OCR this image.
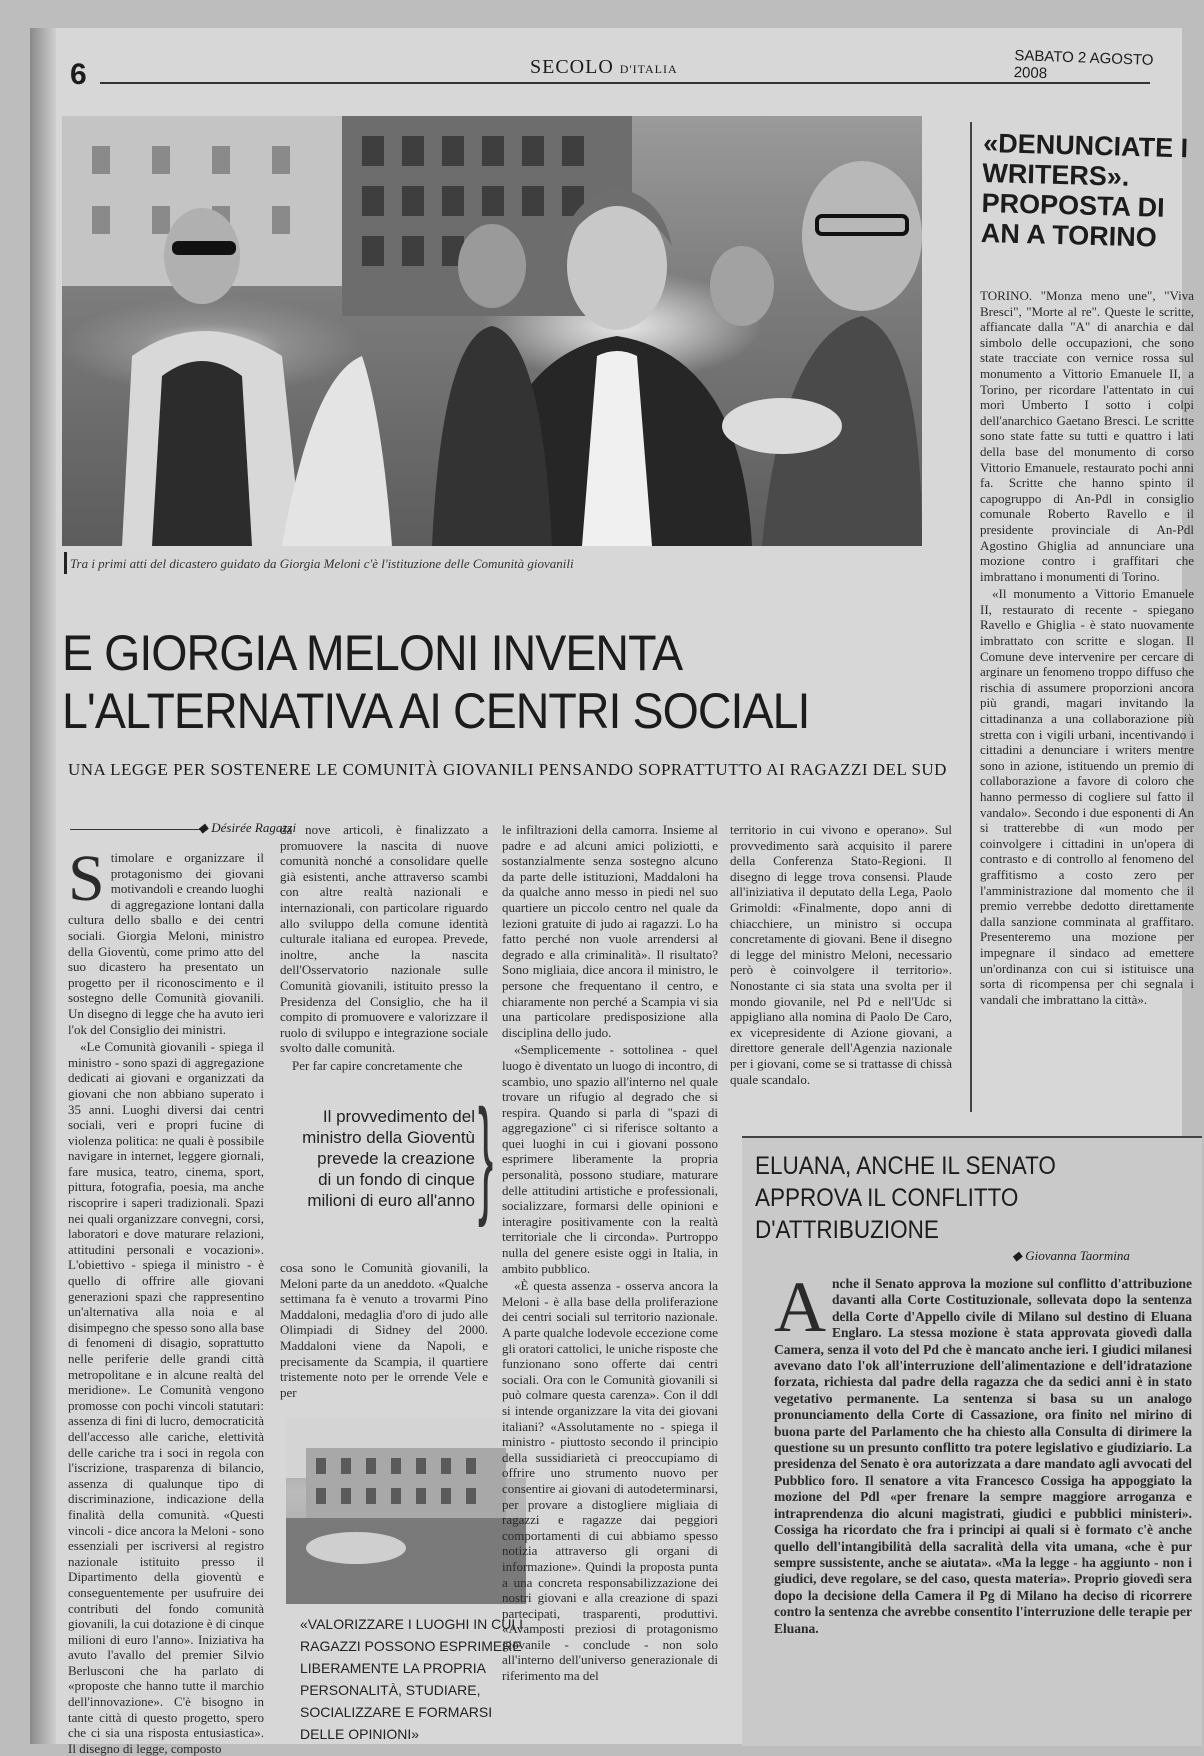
6	SECOLO D'ITALIA
SABATO 2 AGOSTO 2008
Tra i primi atti del dicastero guidato da Giorgia Meloni c'è l'istituzione delle Comunità giovanili
E GIORGIA MELONI INVENTA
L'ALTERNATIVA AI CENTRI SOCIALI
UNA LEGGE PER SOSTENERE LE COMUNITÀ GIOVANILI PENSANDO SOPRATTUTTO AI RAGAZZI DEL SUD
◆ Désirée Ragazzi
S timolare e organizzare il protagonismo dei giovani motivandoli e creando luoghi di aggregazione lontani dalla cultura dello sballo e dei centri sociali. Giorgia Meloni, ministro della Gioventù, come primo atto del suo dicastero ha presentato un progetto per il riconoscimento e il sostegno delle Comunità giovanili. Un disegno di legge che ha avuto ieri l'ok del Consiglio dei ministri.

«Le Comunità giovanili - spiega il ministro - sono spazi di aggregazione dedicati ai giovani e organizzati da giovani che non abbiano superato i 35 anni. Luoghi diversi dai centri sociali, veri e propri fucine di violenza politica: ne quali è possibile navigare in internet, leggere giornali, fare musica, teatro, cinema, sport, pittura, fotografia, poesia, ma anche riscoprire i saperi tradizionali. Spazi nei quali organizzare convegni, corsi, laboratori e dove maturare relazioni, attitudini personali e vocazioni». L'obiettivo - spiega il ministro - è quello di offrire alle giovani generazioni spazi che rappresentino un'alternativa alla noia e al disimpegno che spesso sono alla base di fenomeni di disagio, soprattutto nelle periferie delle grandi città metropolitane e in alcune realtà del meridione». Le Comunità vengono promosse con pochi vincoli statutari: assenza di fini di lucro, democraticità dell'accesso alle cariche, elettività delle cariche tra i soci in regola con l'iscrizione, trasparenza di bilancio, assenza di qualunque tipo di discriminazione, indicazione della finalità della comunità. «Questi vincoli - dice ancora la Meloni - sono essenziali per iscriversi al registro nazionale istituito presso il Dipartimento della gioventù e conseguentemente per usufruire dei contributi del fondo comunità giovanili, la cui dotazione è di cinque milioni di euro l'anno». Iniziativa ha avuto l'avallo del premier Silvio Berlusconi che ha parlato di «proposte che hanno tutte il marchio dell'innovazione». C'è bisogno in tante città di questo progetto, spero che ci sia una risposta entusiastica». Il disegno di legge, composto

da nove articoli, è finalizzato a promuovere la nascita di nuove comunità nonché a consolidare quelle già esistenti, anche attraverso scambi con altre realtà nazionali e internazionali, con particolare riguardo allo sviluppo della comune identità culturale italiana ed europea. Prevede, inoltre, anche la nascita dell'Osservatorio nazionale sulle Comunità giovanili, istituito presso la Presidenza del Consiglio, che ha il compito di promuovere e valorizzare il ruolo di sviluppo e integrazione sociale svolto dalle comunità.

Per far capire concretamente che

Il provvedimento del ministro della Gioventù prevede la creazione di un fondo di cinque milioni di euro all'anno }

cosa sono le Comunità giovanili, la Meloni parte da un aneddoto. «Qualche settimana fa è venuto a trovarmi Pino Maddaloni, medaglia d'oro di judo alle Olimpiadi di Sidney del 2000. Maddaloni viene da Napoli, e precisamente da Scampia, il quartiere tristemente noto per le orrende Vele e per

«VALORIZZARE I LUOGHI IN CUI I RAGAZZI POSSONO ESPRIMERE LIBERAMENTE LA PROPRIA PERSONALITÀ, STUDIARE, SOCIALIZZARE E FORMARSI DELLE OPINIONI»

le infiltrazioni della camorra. Insieme al padre e ad alcuni amici poliziotti, e sostanzialmente senza sostegno alcuno da parte delle istituzioni, Maddaloni ha da qualche anno messo in piedi nel suo quartiere un piccolo centro nel quale da lezioni gratuite di judo ai ragazzi. Lo ha fatto perché non vuole arrendersi al degrado e alla criminalità». Il risultato? Sono migliaia, dice ancora il ministro, le persone che frequentano il centro, e chiaramente non perché a Scampia vi sia una particolare predisposizione alla disciplina dello judo.

«Semplicemente - sottolinea - quel luogo è diventato un luogo di incontro, di scambio, uno spazio all'interno nel quale trovare un rifugio al degrado che si respira. Quando si parla di "spazi di aggregazione" ci si riferisce soltanto a quei luoghi in cui i giovani possono esprimere liberamente la propria personalità, possono studiare, maturare delle attitudini artistiche e professionali, socializzare, formarsi delle opinioni e interagire positivamente con la realtà territoriale che li circonda». Purtroppo nulla del genere esiste oggi in Italia, in ambito pubblico.

«È questa assenza - osserva ancora la Meloni - è alla base della proliferazione dei centri sociali sul territorio nazionale. A parte qualche lodevole eccezione come gli oratori cattolici, le uniche risposte che funzionano sono offerte dai centri sociali. Ora con le Comunità giovanili si può colmare questa carenza». Con il ddl si intende organizzare la vita dei giovani italiani? «Assolutamente no - spiega il ministro - piuttosto secondo il principio della sussidiarietà ci preoccupiamo di offrire uno strumento nuovo per consentire ai giovani di autodeterminarsi, per provare a distogliere migliaia di ragazzi e ragazze dai peggiori comportamenti di cui abbiamo spesso notizia attraverso gli organi di informazione». Quindi la proposta punta a una concreta responsabilizzazione dei nostri giovani e alla creazione di spazi partecipati, trasparenti, produttivi. «Avamposti preziosi di protagonismo giovanile - conclude - non solo all'interno dell'universo generazionale di riferimento ma del

territorio in cui vivono e operano». Sul provvedimento sarà acquisito il parere della Conferenza Stato-Regioni. Il disegno di legge trova consensi. Plaude all'iniziativa il deputato della Lega, Paolo Grimoldi: «Finalmente, dopo anni di chiacchiere, un ministro si occupa concretamente di giovani. Bene il disegno di legge del ministro Meloni, necessario però è coinvolgere il territorio». Nonostante ci sia stata una svolta per il mondo giovanile, nel Pd e nell'Udc si appigliano alla nomina di Paolo De Caro, ex vicepresidente di Azione giovani, a direttore generale dell'Agenzia nazionale per i giovani, come se si trattasse di chissà quale scandalo.

«DENUNCIATE I WRITERS». PROPOSTA DI AN A TORINO

TORINO. "Monza meno une", "Viva Bresci", "Morte al re". Queste le scritte, affiancate dalla "A" di anarchia e dal simbolo delle occupazioni, che sono state tracciate con vernice rossa sul monumento a Vittorio Emanuele II, a Torino, per ricordare l'attentato in cui morì Umberto I sotto i colpi dell'anarchico Gaetano Bresci. Le scritte sono state fatte su tutti e quattro i lati della base del monumento di corso Vittorio Emanuele, restaurato pochi anni fa. Scritte che hanno spinto il capogruppo di An-Pdl in consiglio comunale Roberto Ravello e il presidente provinciale di An-Pdl Agostino Ghiglia ad annunciare una mozione contro i graffitari che imbrattano i monumenti di Torino.

«Il monumento a Vittorio Emanuele II, restaurato di recente - spiegano Ravello e Ghiglia - è stato nuovamente imbrattato con scritte e slogan. Il Comune deve intervenire per cercare di arginare un fenomeno troppo diffuso che rischia di assumere proporzioni ancora più grandi, magari invitando la cittadinanza a una collaborazione più stretta con i vigili urbani, incentivando i cittadini a denunciare i writers mentre sono in azione, istituendo un premio di collaborazione a favore di coloro che hanno permesso di cogliere sul fatto il vandalo». Secondo i due esponenti di An si tratterebbe di «un modo per coinvolgere i cittadini in un'opera di contrasto e di controllo al fenomeno del graffitismo a costo zero per l'amministrazione dal momento che il premio verrebbe dedotto direttamente dalla sanzione comminata al graffitaro. Presenteremo una mozione per impegnare il sindaco ad emettere un'ordinanza con cui si istituisce una sorta di ricompensa per chi segnala i vandali che imbrattano la città».

ELUANA, ANCHE IL SENATO APPROVA IL CONFLITTO D'ATTRIBUZIONE
◆ Giovanna Taormina
A nche il Senato approva la mozione sul conflitto d'attribuzione davanti alla Corte Costituzionale, sollevata dopo la sentenza della Corte d'Appello civile di Milano sul destino di Eluana Englaro. La stessa mozione è stata approvata giovedì dalla Camera, senza il voto del Pd che è mancato anche ieri. I giudici milanesi avevano dato l'ok all'interruzione dell'alimentazione e dell'idratazione forzata, richiesta dal padre della ragazza che da sedici anni è in stato vegetativo permanente. La sentenza si basa su un analogo pronunciamento della Corte di Cassazione, ora finito nel mirino di buona parte del Parlamento che ha chiesto alla Consulta di dirimere la questione su un presunto conflitto tra potere legislativo e giudiziario. La presidenza del Senato è ora autorizzata a dare mandato agli avvocati del Pubblico foro. Il senatore a vita Francesco Cossiga ha appoggiato la mozione del Pdl «per frenare la sempre maggiore arroganza e intraprendenza dio alcuni magistrati, giudici e pubblici ministeri». Cossiga ha ricordato che fra i principi ai quali si è formato c'è anche quello dell'intangibilità della sacralità della vita umana, «che è pur sempre sussistente, anche se aiutata». «Ma la legge - ha aggiunto - non i giudici, deve regolare, se del caso, questa materia». Proprio giovedì sera dopo la decisione della Camera il Pg di Milano ha deciso di ricorrere contro la sentenza che avrebbe consentito l'interruzione delle terapie per Eluana.
